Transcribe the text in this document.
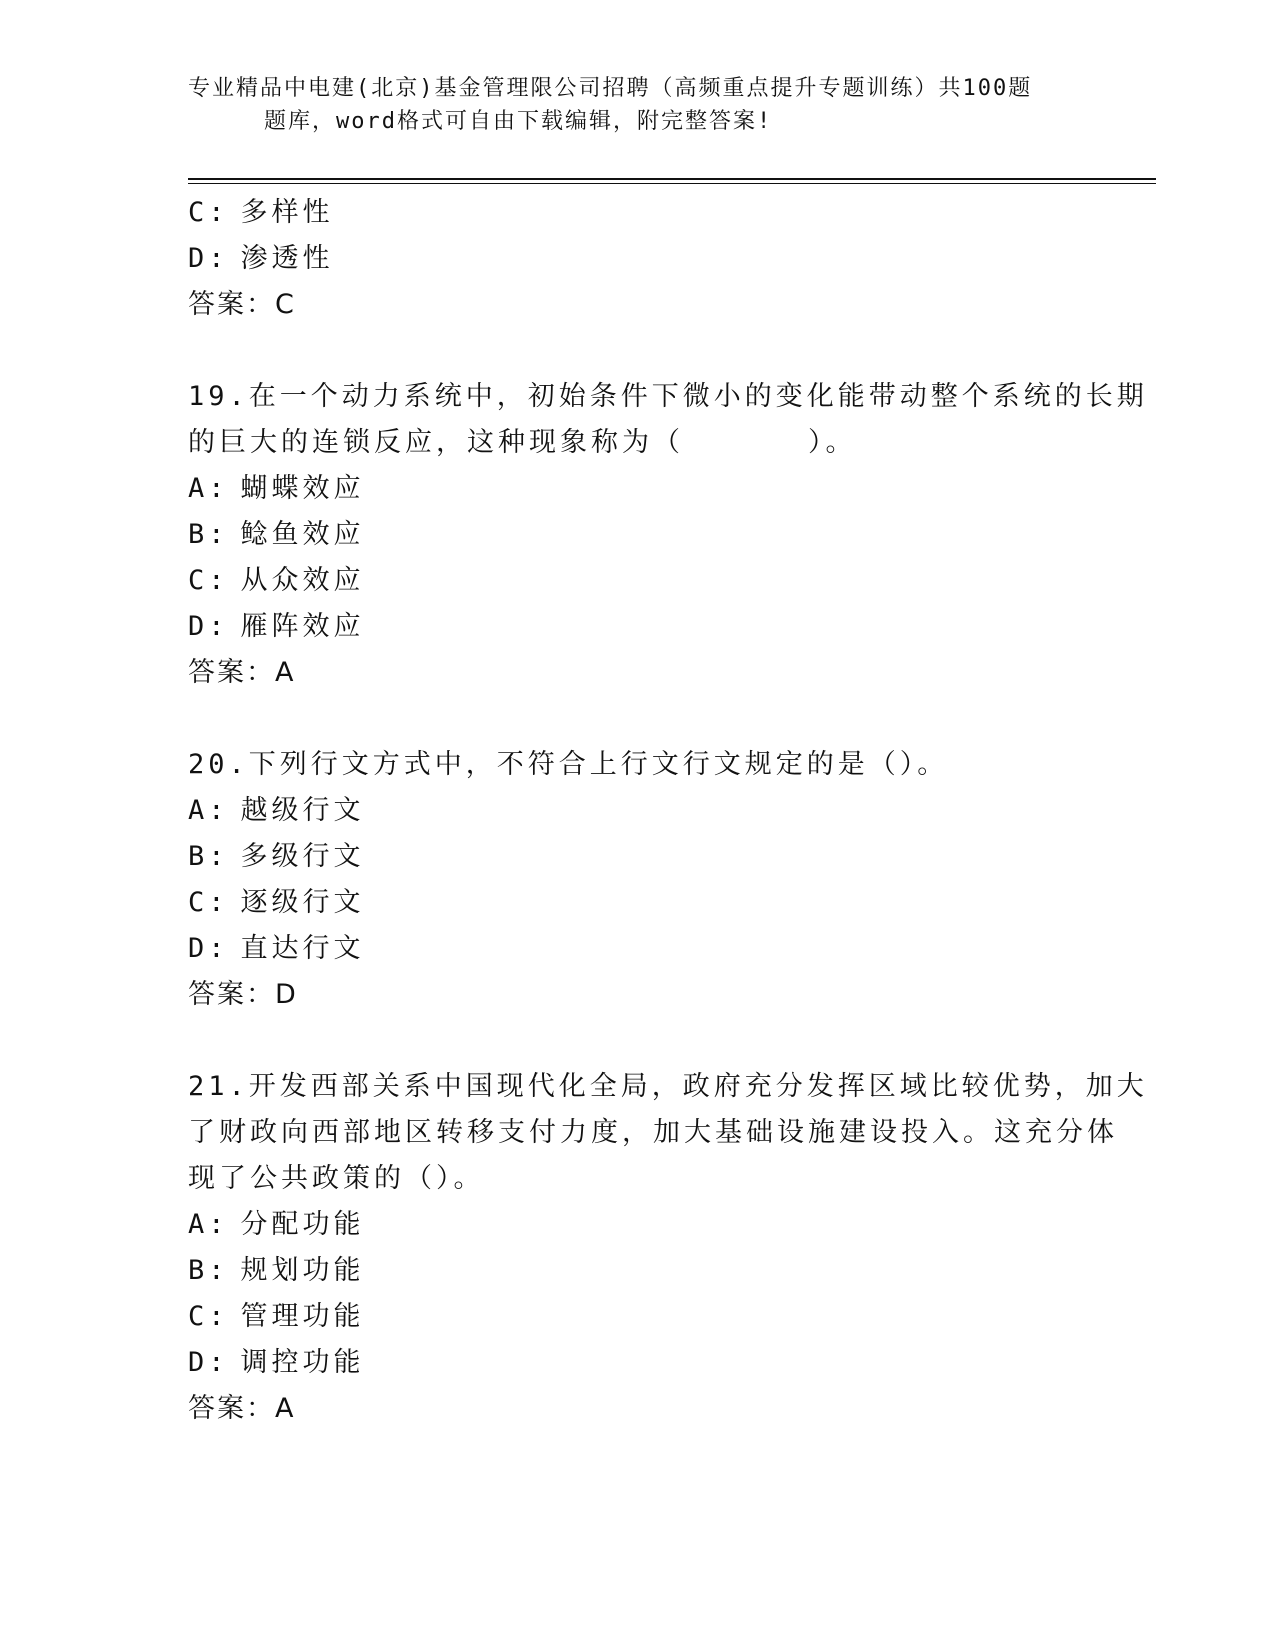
专业精品中电建(北京)基金管理限公司招聘（高频重点提升专题训练）共100题
题库，word格式可自由下载编辑，附完整答案!
C: 多样性
D: 渗透性
答案：C
19.在一个动力系统中，初始条件下微小的变化能带动整个系统的长期
的巨大的连锁反应，这种现象称为（　　　　）。
A: 蝴蝶效应
B: 鲶鱼效应
C: 从众效应
D: 雁阵效应
答案：A
20.下列行文方式中，不符合上行文行文规定的是（）。
A: 越级行文
B: 多级行文
C: 逐级行文
D: 直达行文
答案：D
21.开发西部关系中国现代化全局，政府充分发挥区域比较优势，加大
了财政向西部地区转移支付力度，加大基础设施建设投入。这充分体
现了公共政策的（）。
A: 分配功能
B: 规划功能
C: 管理功能
D: 调控功能
答案：A
